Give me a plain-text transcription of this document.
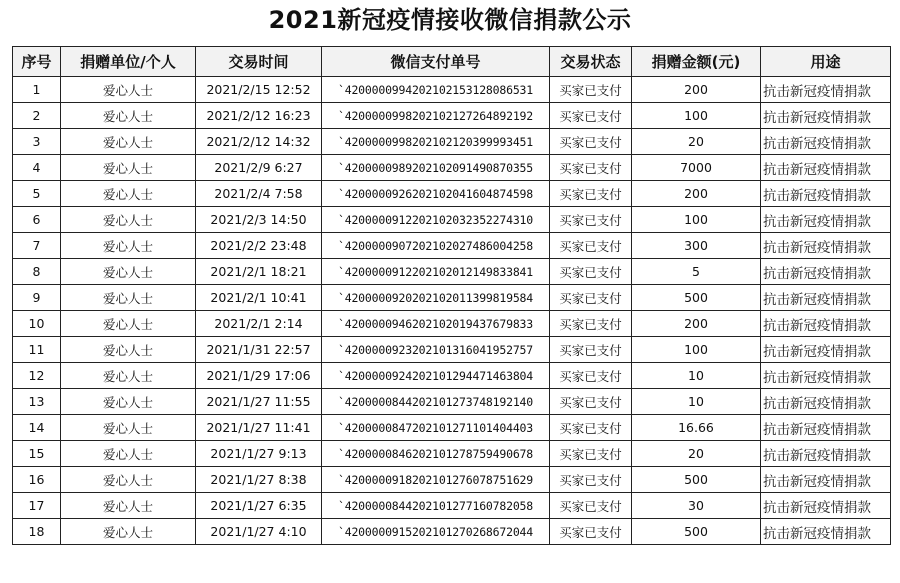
2021新冠疫情接收微信捐款公示
序号	捐赠单位/个人	交易时间	微信支付单号	交易状态	捐赠金额(元)	用途
1	爱心人士	2021/2/15 12:52	`4200000994202102153128086531	买家已支付	200	抗击新冠疫情捐款
2	爱心人士	2021/2/12 16:23	`4200000998202102127264892192	买家已支付	100	抗击新冠疫情捐款
3	爱心人士	2021/2/12 14:32	`4200000998202102120399993451	买家已支付	20	抗击新冠疫情捐款
4	爱心人士	2021/2/9 6:27	`4200000989202102091490870355	买家已支付	7000	抗击新冠疫情捐款
5	爱心人士	2021/2/4 7:58	`4200000926202102041604874598	买家已支付	200	抗击新冠疫情捐款
6	爱心人士	2021/2/3 14:50	`4200000912202102032352274310	买家已支付	100	抗击新冠疫情捐款
7	爱心人士	2021/2/2 23:48	`4200000907202102027486004258	买家已支付	300	抗击新冠疫情捐款
8	爱心人士	2021/2/1 18:21	`4200000912202102012149833841	买家已支付	5	抗击新冠疫情捐款
9	爱心人士	2021/2/1 10:41	`4200000920202102011399819584	买家已支付	500	抗击新冠疫情捐款
10	爱心人士	2021/2/1 2:14	`4200000946202102019437679833	买家已支付	200	抗击新冠疫情捐款
11	爱心人士	2021/1/31 22:57	`4200000923202101316041952757	买家已支付	100	抗击新冠疫情捐款
12	爱心人士	2021/1/29 17:06	`4200000924202101294471463804	买家已支付	10	抗击新冠疫情捐款
13	爱心人士	2021/1/27 11:55	`4200000844202101273748192140	买家已支付	10	抗击新冠疫情捐款
14	爱心人士	2021/1/27 11:41	`4200000847202101271101404403	买家已支付	16.66	抗击新冠疫情捐款
15	爱心人士	2021/1/27 9:13	`4200000846202101278759490678	买家已支付	20	抗击新冠疫情捐款
16	爱心人士	2021/1/27 8:38	`4200000918202101276078751629	买家已支付	500	抗击新冠疫情捐款
17	爱心人士	2021/1/27 6:35	`4200000844202101277160782058	买家已支付	30	抗击新冠疫情捐款
18	爱心人士	2021/1/27 4:10	`4200000915202101270268672044	买家已支付	500	抗击新冠疫情捐款
